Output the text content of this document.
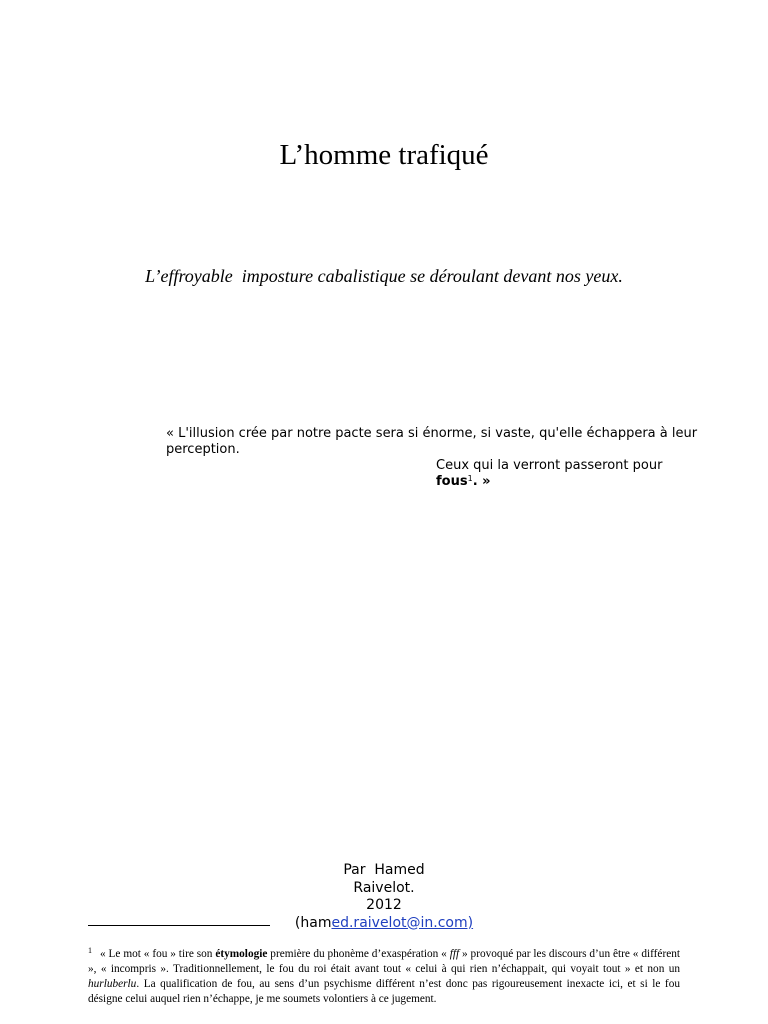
L’homme trafiqué
L’effroyable  imposture cabalistique se déroulant devant nos yeux.
« L'illusion crée par notre pacte sera si énorme, si vaste, qu'elle échappera à leur
perception.
Ceux qui la verront passeront pour
fous$^1$. »
Par  Hamed
Raivelot.
2012
(hamed.raivelot@in.com)
$^1$ « Le mot « fou » tire son étymologie première du phonème d’exaspération « fff » provoqué par les discours d’un être « différent », « incompris ». Traditionnellement, le fou du roi était avant tout « celui à qui rien n’échappait, qui voyait tout » et non un hurluberlu. La qualification de fou, au sens d’un psychisme différent n’est donc pas rigoureusement inexacte ici, et si le fou désigne celui auquel rien n’échappe, je me soumets volontiers à ce jugement.
